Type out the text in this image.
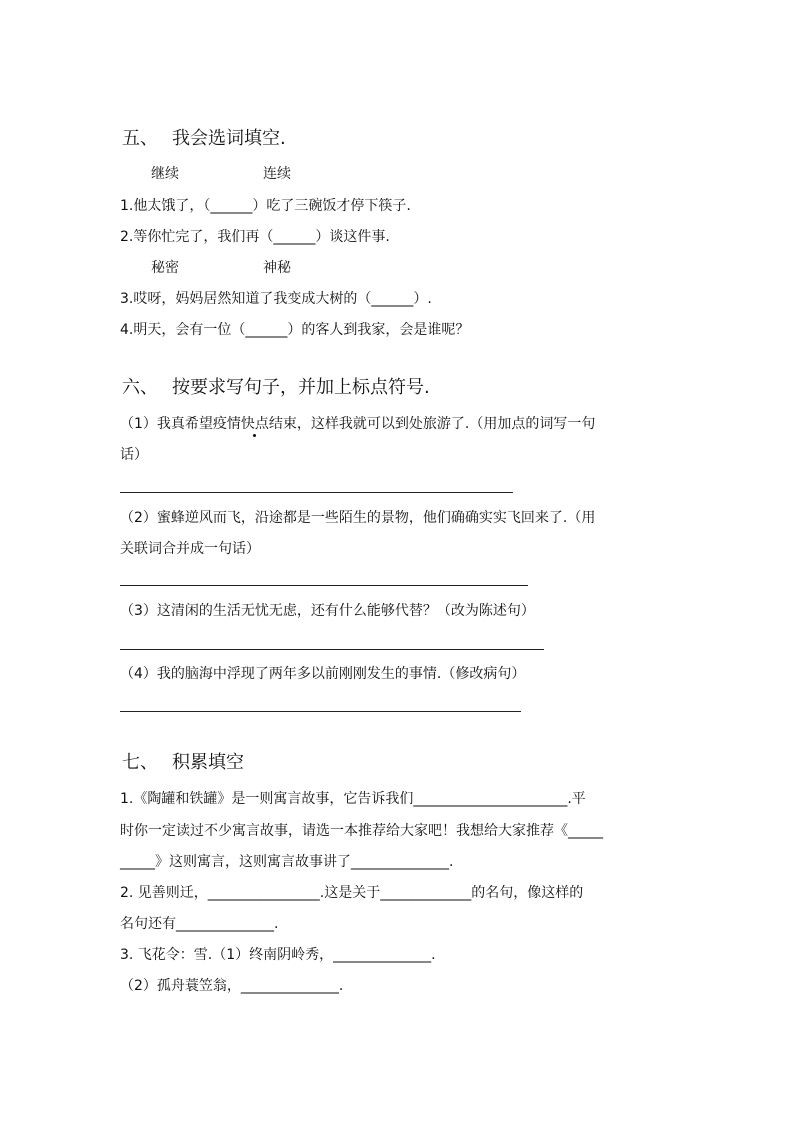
五、 我会选词填空.
继续	连续
1.他太饿了，（______）吃了三碗饭才停下筷子.
2.等你忙完了，我们再（______）谈这件事.
秘密	神秘
3.哎呀，妈妈居然知道了我变成大树的（______）.
4.明天，会有一位（______）的客人到我家，会是谁呢？
六、 按要求写句子，并加上标点符号.
（1）我真希望疫情快点结束，这样我就可以到处旅游了.（用加点的词写一句
话）
（2）蜜蜂逆风而飞，沿途都是一些陌生的景物，他们确确实实飞回来了.（用
关联词合并成一句话）
（3）这清闲的生活无忧无虑，还有什么能够代替？（改为陈述句）
（4）我的脑海中浮现了两年多以前刚刚发生的事情.（修改病句）
七、 积累填空
1.《陶罐和铁罐》是一则寓言故事，它告诉我们______________________.平
时你一定读过不少寓言故事，请选一本推荐给大家吧！我想给大家推荐《_____
_____》这则寓言，这则寓言故事讲了______________.
2. 见善则迁，________________.这是关于_____________的名句，像这样的
名句还有______________.
3. 飞花令：雪.（1）终南阴岭秀，______________.
（2）孤舟蓑笠翁，______________.
